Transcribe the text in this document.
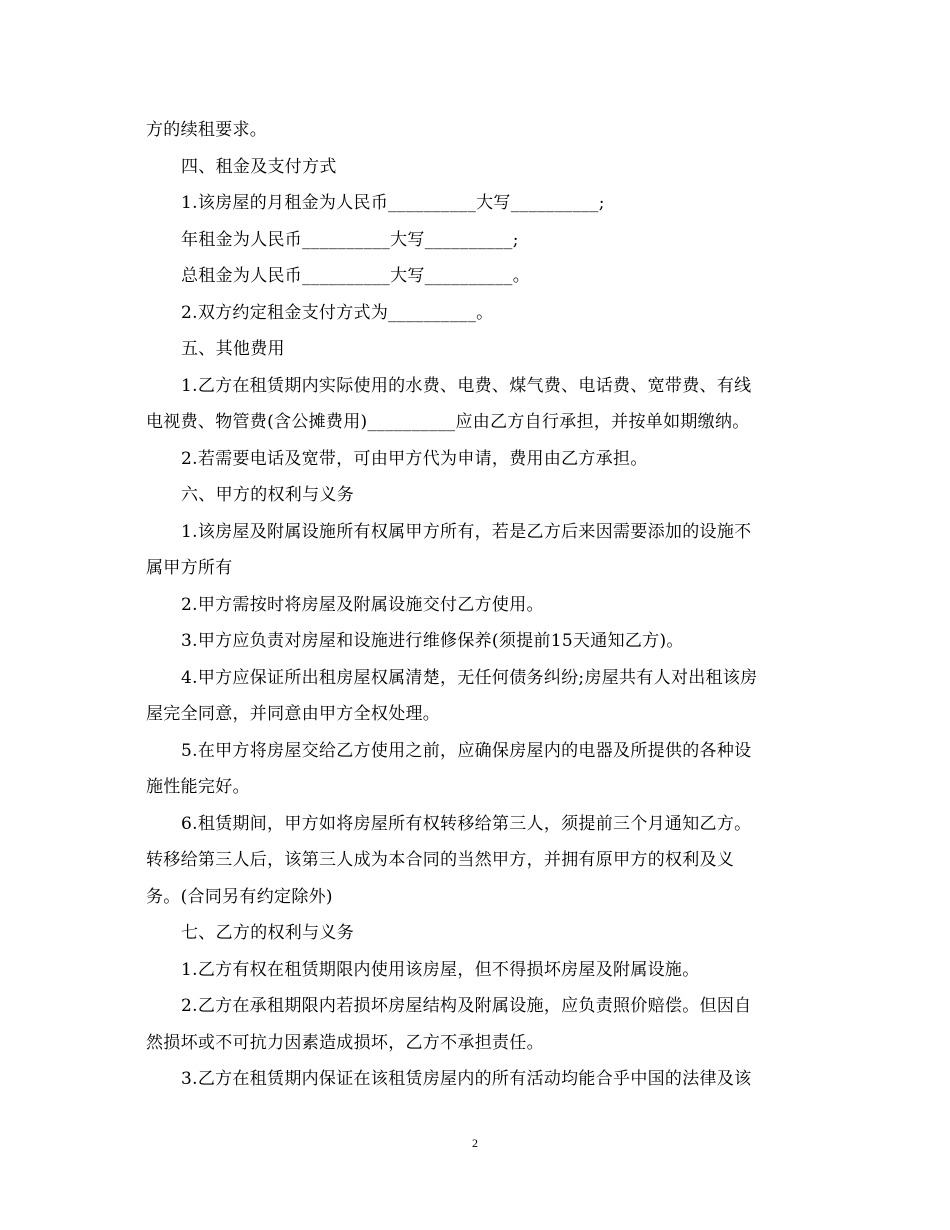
方的续租要求。
四、租金及支付方式
1.该房屋的月租金为人民币__________大写__________;
年租金为人民币__________大写__________;
总租金为人民币__________大写__________。
2.双方约定租金支付方式为__________。
五、其他费用
1.乙方在租赁期内实际使用的水费、电费、煤气费、电话费、宽带费、有线
电视费、物管费(含公摊费用)__________应由乙方自行承担，并按单如期缴纳。
2.若需要电话及宽带，可由甲方代为申请，费用由乙方承担。
六、甲方的权利与义务
1.该房屋及附属设施所有权属甲方所有，若是乙方后来因需要添加的设施不
属甲方所有
2.甲方需按时将房屋及附属设施交付乙方使用。
3.甲方应负责对房屋和设施进行维修保养(须提前15天通知乙方)。
4.甲方应保证所出租房屋权属清楚，无任何债务纠纷;房屋共有人对出租该房
屋完全同意，并同意由甲方全权处理。
5.在甲方将房屋交给乙方使用之前，应确保房屋内的电器及所提供的各种设
施性能完好。
6.租赁期间，甲方如将房屋所有权转移给第三人，须提前三个月通知乙方。
转移给第三人后，该第三人成为本合同的当然甲方，并拥有原甲方的权利及义
务。(合同另有约定除外)
七、乙方的权利与义务
1.乙方有权在租赁期限内使用该房屋，但不得损坏房屋及附属设施。
2.乙方在承租期限内若损坏房屋结构及附属设施，应负责照价赔偿。但因自
然损坏或不可抗力因素造成损坏，乙方不承担责任。
3.乙方在租赁期内保证在该租赁房屋内的所有活动均能合乎中国的法律及该
2
